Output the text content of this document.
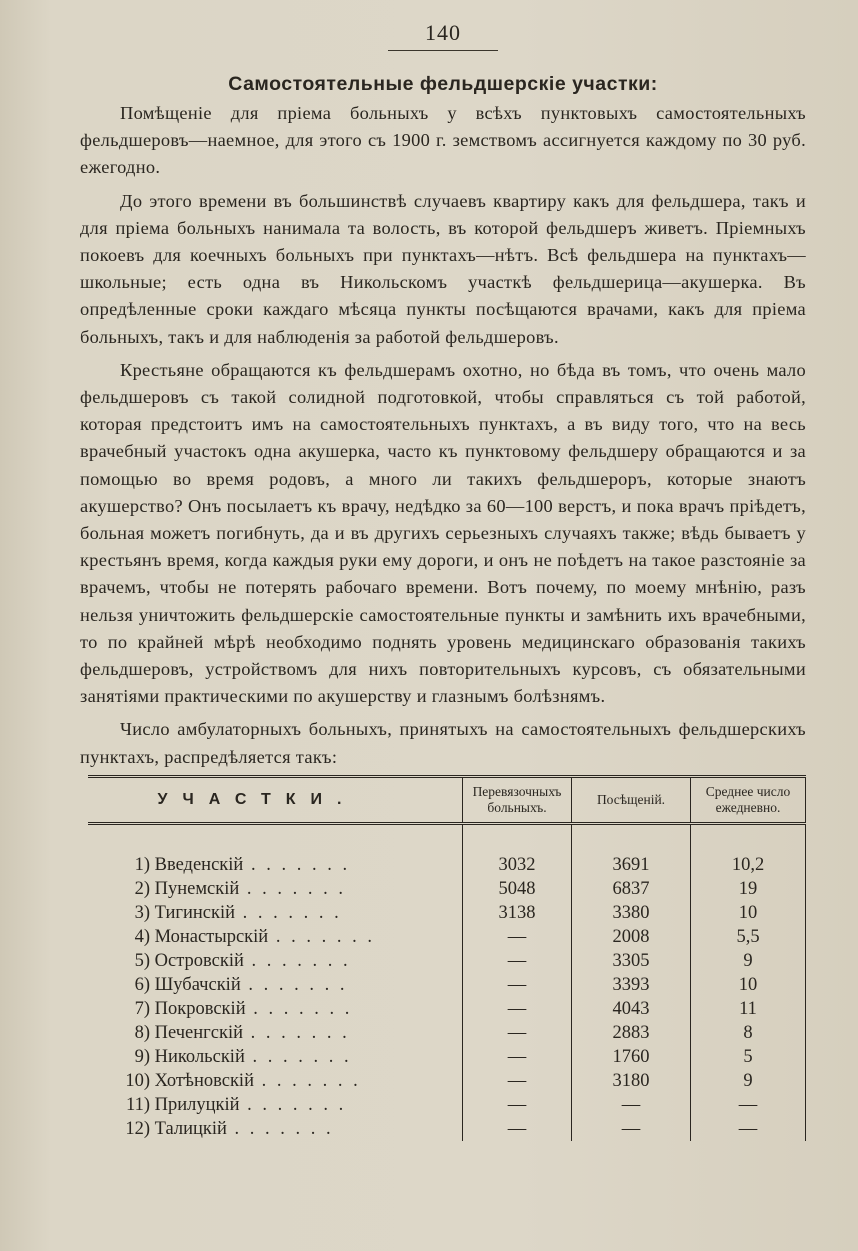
140
Самостоятельные фельдшерскiе участки:

Помѣщенiе для прiема больныхъ у всѣхъ пунктовыхъ самостоятельныхъ фельдшеровъ—наемное, для этого съ 1900 г. земствомъ ассигнуется каждому по 30 руб. ежегодно.

До этого времени въ большинствѣ случаевъ квартиру какъ для фельдшера, такъ и для прiема больныхъ нанимала та волость, въ которой фельдшеръ живетъ. Прiемныхъ покоевъ для коечныхъ больныхъ при пунктахъ—нѣтъ. Всѣ фельдшера на пунктахъ—школьные; есть одна въ Никольскомъ участкѣ фельдшерица—акушерка. Въ опредѣленные сроки каждаго мѣсяца пункты посѣщаются врачами, какъ для прiема больныхъ, такъ и для наблюденiя за работой фельдшеровъ.

Крестьяне обращаются къ фельдшерамъ охотно, но бѣда въ томъ, что очень мало фельдшеровъ съ такой солидной подготовкой, чтобы справляться съ той работой, которая предстоитъ имъ на самостоятельныхъ пунктахъ, а въ виду того, что на весь врачебный участокъ одна акушерка, часто къ пунктовому фельдшеру обращаются и за помощью во время родовъ, а много ли такихъ фельдшероръ, которые знаютъ акушерство? Онъ посылаетъ къ врачу, недѣдко за 60—100 верстъ, и пока врачъ прiѣдетъ, больная можетъ погибнуть, да и въ другихъ серьезныхъ случаяхъ также; вѣдь бываетъ у крестьянъ время, когда каждыя руки ему дороги, и онъ не поѣдетъ на такое разстоянiе за врачемъ, чтобы не потерять рабочаго времени. Вотъ почему, по моему мнѣнiю, разъ нельзя уничтожить фельдшерскiе самостоятельные пункты и замѣнить ихъ врачебными, то по крайней мѣрѣ необходимо поднять уровень медицинскаго образованiя такихъ фельдшеровъ, устройствомъ для нихъ повторительныхъ курсовъ, съ обязательными занятiями практическими по акушерству и глазнымъ болѣзнямъ.

Число амбулаторныхъ больныхъ, принятыхъ на самостоятельныхъ фельдшерскихъ пунктахъ, распредѣляется такъ:

УЧАСТКИ.	Перевязочныхъ больныхъ.	Посѣщенiй.	Среднее число ежедневно.

1) Введенскiй . . . . . . .	3032	3691	10,2
2) Пунемскiй . . . . . . .	5048	6837	19
3) Тигинскiй . . . . . . .	3138	3380	10
4) Монастырскiй . . . . . . .	—	2008	5,5
5) Островскiй . . . . . . .	—	3305	9
6) Шубачскiй . . . . . . .	—	3393	10
7) Покровскiй . . . . . . .	—	4043	11
8) Печенгскiй . . . . . . .	—	2883	8
9) Никольскiй . . . . . . .	—	1760	5
10) Хотѣновскiй . . . . . . .	—	3180	9
11) Прилуцкiй . . . . . . .	—	—	—
12) Талицкiй . . . . . . .	—	—	—
